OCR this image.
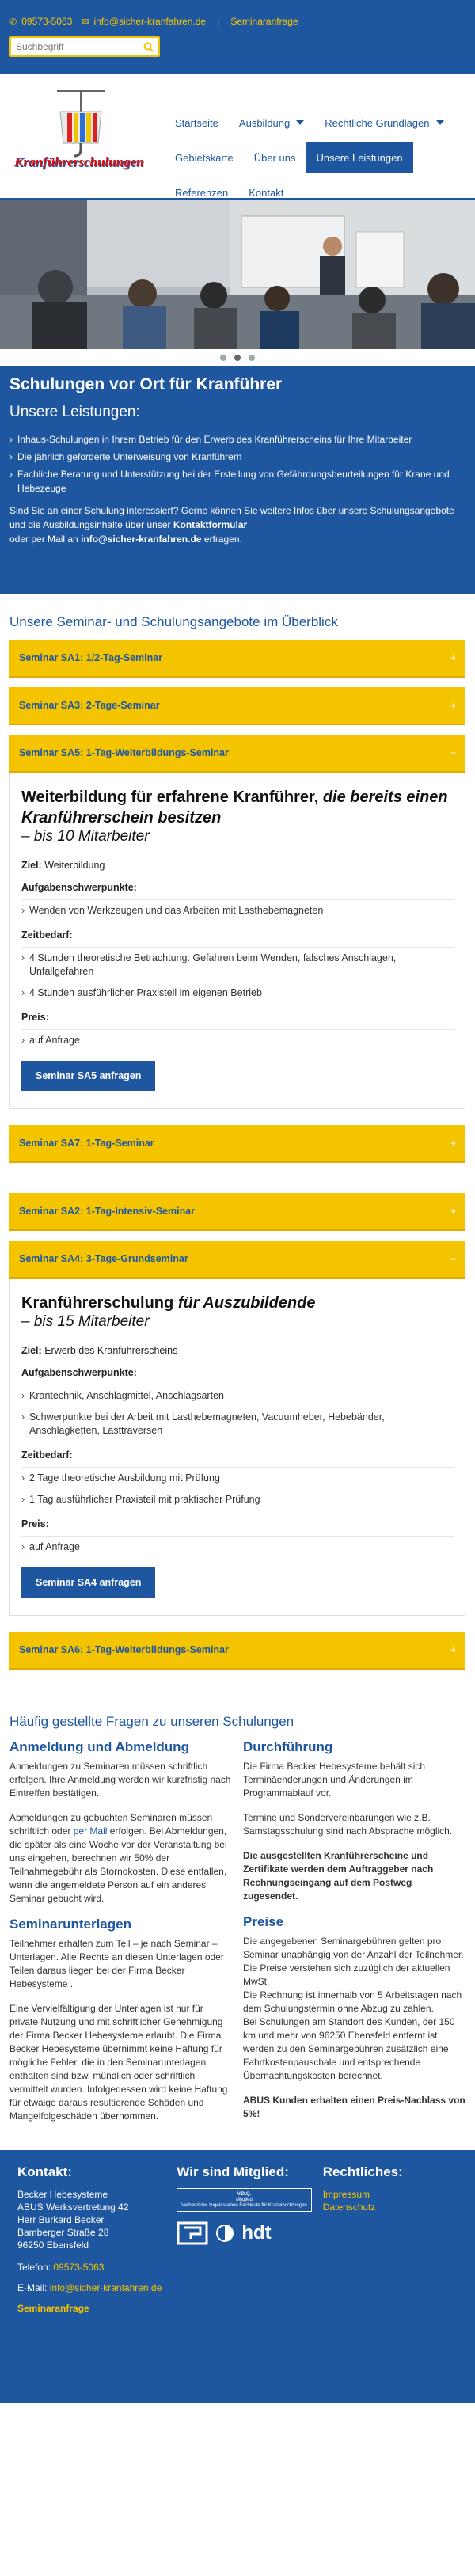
✆ 09573-5063 ✉ info@sicher-kranfahren.de | Seminaranfrage
Suchbegriff
Kranführerschulungen
Startseite Ausbildung	Rechtliche Grundlagen
Gebietskarte Über uns Unsere Leistungen
Referenzen Kontakt
Schulungen vor Ort für Kranführer
Unsere Leistungen:
› Inhaus-Schulungen in Ihrem Betrieb für den Erwerb des Kranführerscheins für Ihre Mitarbeiter
› Die jährlich geforderte Unterweisung von Kranführern
› Fachliche Beratung und Unterstützung bei der Erstellung von Gefährdungsbeurteilungen für Krane und Hebezeuge

Sind Sie an einer Schulung interessiert? Gerne können Sie weitere Infos über unsere Schulungsangebote und die Ausbildungsinhalte über unser Kontaktformular
oder per Mail an info@sicher-kranfahren.de erfragen.

Unsere Seminar- und Schulungsangebote im Überblick
Seminar SA1: 1/2-Tag-Seminar	+
Seminar SA3: 2-Tage-Seminar	+
Seminar SA5: 1-Tag-Weiterbildungs-Seminar	−
Weiterbildung für erfahrene Kranführer, die bereits einen Kranführerschein besitzen
– bis 10 Mitarbeiter
Ziel: Weiterbildung
Aufgabenschwerpunkte:
› Wenden von Werkzeugen und das Arbeiten mit Lasthebemagneten
Zeitbedarf:
› 4 Stunden theoretische Betrachtung: Gefahren beim Wenden, falsches Anschlagen, Unfallgefahren
› 4 Stunden ausführlicher Praxisteil im eigenen Betrieb
Preis:
› auf Anfrage
Seminar SA5 anfragen
Seminar SA7: 1-Tag-Seminar	+
Seminar SA2: 1-Tag-Intensiv-Seminar	+
Seminar SA4: 3-Tage-Grundseminar	−
Kranführerschulung für Auszubildende
– bis 15 Mitarbeiter
Ziel: Erwerb des Kranführerscheins
Aufgabenschwerpunkte:
› Krantechnik, Anschlagmittel, Anschlagsarten
› Schwerpunkte bei der Arbeit mit Lasthebemagneten, Vacuumheber, Hebebänder, Anschlagketten, Lasttraversen
Zeitbedarf:
› 2 Tage theoretische Ausbildung mit Prüfung
› 1 Tag ausführlicher Praxisteil mit praktischer Prüfung
Preis:
› auf Anfrage
Seminar SA4 anfragen
Seminar SA6: 1-Tag-Weiterbildungs-Seminar	+
Häufig gestellte Fragen zu unseren Schulungen
Anmeldung und Abmeldung

Anmeldungen zu Seminaren müssen schriftlich erfolgen. Ihre Anmeldung werden wir kurzfristig nach Eintreffen bestätigen.

Abmeldungen zu gebuchten Seminaren müssen schriftlich oder per Mail erfolgen. Bei Abmeldungen, die später als eine Woche vor der Veranstaltung bei uns eingehen, berechnen wir 50% der Teilnahmegebühr als Stornokosten. Diese entfallen, wenn die angemeldete Person auf ein anderes Seminar gebucht wird.

Seminarunterlagen

Teilnehmer erhalten zum Teil – je nach Seminar – Unterlagen. Alle Rechte an diesen Unterlagen oder Teilen daraus liegen bei der Firma Becker Hebesysteme .

Eine Vervielfältigung der Unterlagen ist nur für private Nutzung und mit schriftlicher Genehmigung der Firma Becker Hebesysteme erlaubt. Die Firma Becker Hebesysteme übernimmt keine Haftung für mögliche Fehler, die in den Seminarunterlagen enthalten sind bzw. mündlich oder schriftlich vermittelt wurden. Infolgedessen wird keine Haftung für etwaige daraus resultierende Schäden und Mangelfolgeschäden übernommen.

Durchführung

Die Firma Becker Hebesysteme behält sich Termināenderungen und Änderungen im Programmablauf vor.

Termine und Sondervereinbarungen wie z.B. Samstagsschulung sind nach Absprache möglich.

Die ausgestellten Kranführerscheine und Zertifikate werden dem Auftraggeber nach Rechnungseingang auf dem Postweg zugesendet.

Preise

Die angegebenen Seminargebühren gelten pro Seminar unabhängig von der Anzahl der Teilnehmer. Die Preise verstehen sich zuzüglich der aktuellen MwSt.

Die Rechnung ist innerhalb von 5 Arbeitstagen nach dem Schulungstermin ohne Abzug zu zahlen.

Bei Schulungen am Standort des Kunden, der 150 km und mehr von 96250 Ebensfeld entfernt ist, werden zu den Seminargebühren zusätzlich eine Fahrtkostenpauschale und entsprechende Übernachtungskosten berechnet.

ABUS Kunden erhalten einen Preis-Nachlass von 5%!

Kontakt:
Becker Hebesysteme
ABUS Werksvertretung 42
Herr Burkard Becker
Bamberger Straße 28
96250 Ebensfeld
Telefon: 09573-5063
E-Mail: info@sicher-kranfahren.de
Seminaranfrage
Wir sind Mitglied:
V.D.Q.
Mitglied
Verband der zugelassenen Fachleute für Kraneinrichtungen
hdt
Rechtliches:
Impressum
Datenschutz
